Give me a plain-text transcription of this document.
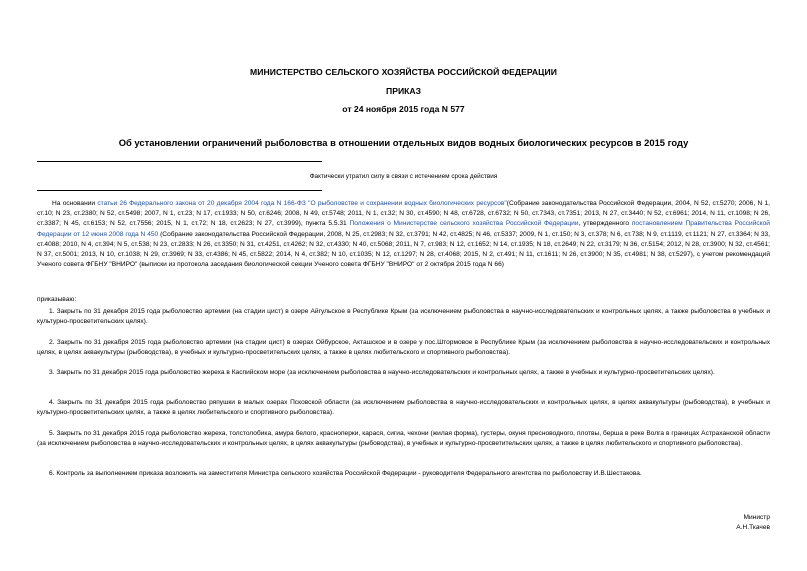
МИНИСТЕРСТВО СЕЛЬСКОГО ХОЗЯЙСТВА РОССИЙСКОЙ ФЕДЕРАЦИИ
ПРИКАЗ
от 24 ноября 2015 года N 577
Об установлении ограничений рыболовства в отношении отдельных видов водных биологических ресурсов в 2015 году
Фактически утратил силу в связи с истечением срока действия
На основании статьи 26 Федерального закона от 20 декабря 2004 года N 166-ФЗ "О рыболовстве и сохранении водных биологических ресурсов"(Собрание законодательства Российской Федерации, 2004, N 52, ст.5270; 2006, N 1, ст.10; N 23, ст.2380; N 52, ст.5498; 2007, N 1, ст.23; N 17, ст.1933; N 50, ст.6246; 2008, N 49, ст.5748; 2011, N 1, ст.32; N 30, ст.4590; N 48, ст.6728, ст.6732; N 50, ст.7343, ст.7351; 2013, N 27, ст.3440; N 52, ст.6961; 2014, N 11, ст.1098; N 26, ст.3387; N 45, ст.6153; N 52, ст.7556; 2015, N 1, ст.72; N 18, ст.2623; N 27, ст.3999), пункта 5.5.31 Положения о Министерстве сельского хозяйства Российской Федерации, утвержденного постановлением Правительства Российской Федерации от 12 июня 2008 года N 450 (Собрание законодательства Российской Федерации, 2008, N 25, ст.2983; N 32, ст.3791; N 42, ст.4825; N 46, ст.5337; 2009, N 1, ст.150; N 3, ст.378; N 6, ст.738; N 9, ст.1119, ст.1121; N 27, ст.3364; N 33, ст.4088; 2010, N 4, ст.394; N 5, ст.538; N 23, ст.2833; N 26, ст.3350; N 31, ст.4251, ст.4262; N 32, ст.4330; N 40, ст.5068; 2011, N 7, ст.983; N 12, ст.1652; N 14, ст.1935; N 18, ст.2649; N 22, ст.3179; N 36, ст.5154; 2012, N 28, ст.3900; N 32, ст.4561; N 37, ст.5001; 2013, N 10, ст.1038; N 29, ст.3969; N 33, ст.4386; N 45, ст.5822; 2014, N 4, ст.382; N 10, ст.1035; N 12, ст.1297; N 28, ст.4068; 2015, N 2, ст.491; N 11, ст.1611; N 26, ст.3900; N 35, ст.4981; N 38, ст.5297), с учетом рекомендаций Ученого совета ФГБНУ "ВНИРО" (выписки из протокола заседания биологической секции Ученого совета ФГБНУ "ВНИРО" от 2 октября 2015 года N 66)
приказываю:
1. Закрыть по 31 декабря 2015 года рыболовство артемии (на стадии цист) в озере Айгульское в Республике Крым (за исключением рыболовства в научно-исследовательских и контрольных целях, а также рыболовства в учебных и культурно-просветительских целях).
2. Закрыть по 31 декабря 2015 года рыболовство артемии (на стадии цист) в озерах Ойбурское, Акташское и в озере у пос.Штормовое в Республике Крым (за исключением рыболовства в научно-исследовательских и контрольных целях, в целях аквакультуры (рыбоводства), в учебных и культурно-просветительских целях, а также в целях любительского и спортивного рыболовства).
3. Закрыть по 31 декабря 2015 года рыболовство жереха в Каспийском море (за исключением рыболовства в научно-исследовательских и контрольных целях, а также в учебных и культурно-просветительских целях).
4. Закрыть по 31 декабря 2015 года рыболовство ряпушки в малых озерах Псковской области (за исключением рыболовства в научно-исследовательских и контрольных целях, в целях аквакультуры (рыбоводства), в учебных и культурно-просветительских целях, а также в целях любительского и спортивного рыболовства).
5. Закрыть по 31 декабря 2015 года рыболовство жереха, толстолобика, амура белого, красноперки, карася, сигиа, чехони (жилая форма), густеры, окуня пресноводного, плотвы, берша в реке Волга в границах Астраханской области (за исключением рыболовства в научно-исследовательских и контрольных целях, в целях аквакультуры (рыбоводства), в учебных и культурно-просветительских целях, а также в целях любительского и спортивного рыболовства).
6. Контроль за выполнением приказа возложить на заместителя Министра сельского хозяйства Российской Федерации - руководителя Федерального агентства по рыболовству И.В.Шестакова.
Министр
А.Н.Ткачев
